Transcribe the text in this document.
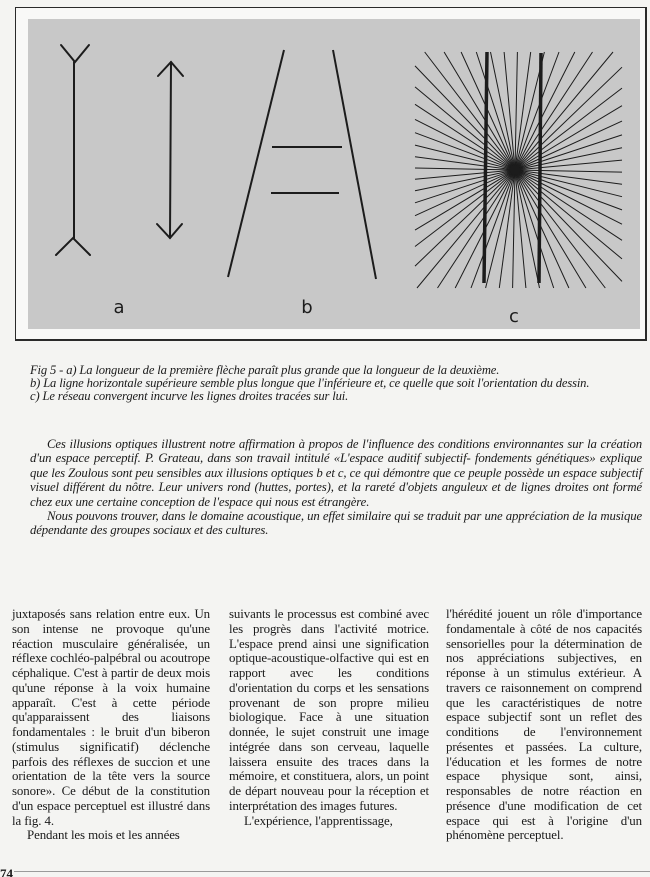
a	b	c

Fig 5 - a) La longueur de la première flèche paraît plus grande que la longueur de la deuxième.

b) La ligne horizontale supérieure semble plus longue que l'inférieure et, ce quelle que soit l'orientation du dessin.

c) Le réseau convergent incurve les lignes droites tracées sur lui.

Ces illusions optiques illustrent notre affirmation à propos de l'influence des conditions environnantes sur la création d'un espace perceptif. P. Grateau, dans son travail intitulé «L'espace auditif subjectif- fondements génétiques» explique que les Zoulous sont peu sensibles aux illusions optiques b et c, ce qui démontre que ce peuple possède un espace subjectif visuel différent du nôtre. Leur univers rond (huttes, portes), et la rareté d'objets anguleux et de lignes droites ont formé chez eux une certaine conception de l'espace qui nous est étrangère.

Nous pouvons trouver, dans le domaine acoustique, un effet similaire qui se traduit par une appréciation de la musique dépendante des groupes sociaux et des cultures.

juxtaposés sans relation entre eux. Un son intense ne provoque qu'une réaction musculaire généralisée, un réflexe cochléo-palpébral ou acoutrope céphalique. C'est à partir de deux mois qu'une réponse à la voix humaine apparaît. C'est à cette période qu'apparaissent des liaisons fondamentales : le bruit d'un biberon (stimulus significatif) déclenche parfois des réflexes de succion et une orientation de la tête vers la source sonore». Ce début de la constitution d'un espace perceptuel est illustré dans la fig. 4.

Pendant les mois et les années

suivants le processus est combiné avec les progrès dans l'activité motrice. L'espace prend ainsi une signification optique-acoustique-olfactive qui est en rapport avec les conditions d'orientation du corps et les sensations provenant de son propre milieu biologique. Face à une situation donnée, le sujet construit une image intégrée dans son cerveau, laquelle laissera ensuite des traces dans la mémoire, et constituera, alors, un point de départ nouveau pour la réception et interprétation des images futures.

L'expérience, l'apprentissage,

l'hérédité jouent un rôle d'importance fondamentale à côté de nos capacités sensorielles pour la détermination de nos appréciations subjectives, en réponse à un stimulus extérieur. A travers ce raisonnement on comprend que les caractéristiques de notre espace subjectif sont un reflet des conditions de l'environnement présentes et passées. La culture, l'éducation et les formes de notre espace physique sont, ainsi, responsables de notre réaction en présence d'une modification de cet espace qui est à l'origine d'un phénomène perceptuel.

74
